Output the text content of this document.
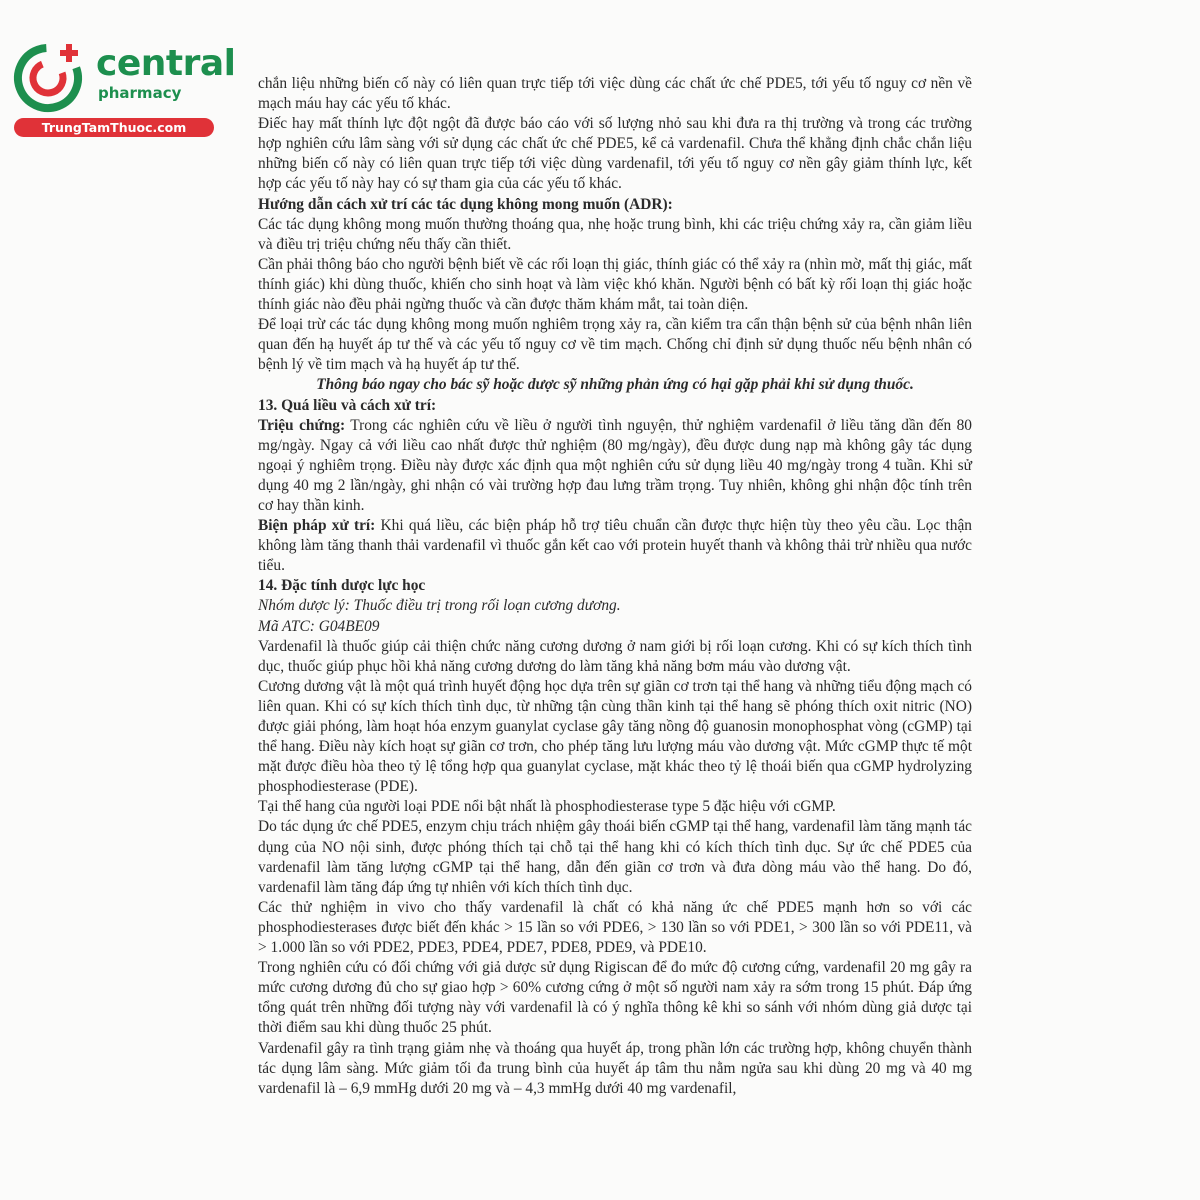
central
pharmacy
TrungTamThuoc.com

chắn liệu những biến cố này có liên quan trực tiếp tới việc dùng các chất ức chế PDE5, tới yếu tố nguy cơ nền về mạch máu hay các yếu tố khác.

Điếc hay mất thính lực đột ngột đã được báo cáo với số lượng nhỏ sau khi đưa ra thị trường và trong các trường hợp nghiên cứu lâm sàng với sử dụng các chất ức chế PDE5, kể cả vardenafil. Chưa thể khẳng định chắc chắn liệu những biến cố này có liên quan trực tiếp tới việc dùng vardenafil, tới yếu tố nguy cơ nền gây giảm thính lực, kết hợp các yếu tố này hay có sự tham gia của các yếu tố khác.

Hướng dẫn cách xử trí các tác dụng không mong muốn (ADR):

Các tác dụng không mong muốn thường thoáng qua, nhẹ hoặc trung bình, khi các triệu chứng xảy ra, cần giảm liều và điều trị triệu chứng nếu thấy cần thiết.

Cần phải thông báo cho người bệnh biết về các rối loạn thị giác, thính giác có thể xảy ra (nhìn mờ, mất thị giác, mất thính giác) khi dùng thuốc, khiến cho sinh hoạt và làm việc khó khăn. Người bệnh có bất kỳ rối loạn thị giác hoặc thính giác nào đều phải ngừng thuốc và cần được thăm khám mắt, tai toàn diện.

Để loại trừ các tác dụng không mong muốn nghiêm trọng xảy ra, cần kiểm tra cẩn thận bệnh sử của bệnh nhân liên quan đến hạ huyết áp tư thế và các yếu tố nguy cơ về tim mạch. Chống chỉ định sử dụng thuốc nếu bệnh nhân có bệnh lý về tim mạch và hạ huyết áp tư thế.

Thông báo ngay cho bác sỹ hoặc dược sỹ những phản ứng có hại gặp phải khi sử dụng thuốc.

13. Quá liều và cách xử trí:

Triệu chứng: Trong các nghiên cứu về liều ở người tình nguyện, thử nghiệm vardenafil ở liều tăng dần đến 80 mg/ngày. Ngay cả với liều cao nhất được thử nghiệm (80 mg/ngày), đều được dung nạp mà không gây tác dụng ngoại ý nghiêm trọng. Điều này được xác định qua một nghiên cứu sử dụng liều 40 mg/ngày trong 4 tuần. Khi sử dụng 40 mg 2 lần/ngày, ghi nhận có vài trường hợp đau lưng trầm trọng. Tuy nhiên, không ghi nhận độc tính trên cơ hay thần kinh.

Biện pháp xử trí: Khi quá liều, các biện pháp hỗ trợ tiêu chuẩn cần được thực hiện tùy theo yêu cầu. Lọc thận không làm tăng thanh thải vardenafil vì thuốc gắn kết cao với protein huyết thanh và không thải trừ nhiều qua nước tiểu.

14. Đặc tính dược lực học

Nhóm dược lý: Thuốc điều trị trong rối loạn cương dương.

Mã ATC: G04BE09

Vardenafil là thuốc giúp cải thiện chức năng cương dương ở nam giới bị rối loạn cương. Khi có sự kích thích tình dục, thuốc giúp phục hồi khả năng cương dương do làm tăng khả năng bơm máu vào dương vật.

Cương dương vật là một quá trình huyết động học dựa trên sự giãn cơ trơn tại thể hang và những tiểu động mạch có liên quan. Khi có sự kích thích tình dục, từ những tận cùng thần kinh tại thể hang sẽ phóng thích oxit nitric (NO) được giải phóng, làm hoạt hóa enzym guanylat cyclase gây tăng nồng độ guanosin monophosphat vòng (cGMP) tại thể hang. Điều này kích hoạt sự giãn cơ trơn, cho phép tăng lưu lượng máu vào dương vật. Mức cGMP thực tế một mặt được điều hòa theo tỷ lệ tổng hợp qua guanylat cyclase, mặt khác theo tỷ lệ thoái biến qua cGMP hydrolyzing phosphodiesterase (PDE).

Tại thể hang của người loại PDE nổi bật nhất là phosphodiesterase type 5 đặc hiệu với cGMP.

Do tác dụng ức chế PDE5, enzym chịu trách nhiệm gây thoái biến cGMP tại thể hang, vardenafil làm tăng mạnh tác dụng của NO nội sinh, được phóng thích tại chỗ tại thể hang khi có kích thích tình dục. Sự ức chế PDE5 của vardenafil làm tăng lượng cGMP tại thể hang, dẫn đến giãn cơ trơn và đưa dòng máu vào thể hang. Do đó, vardenafil làm tăng đáp ứng tự nhiên với kích thích tình dục.

Các thử nghiệm in vivo cho thấy vardenafil là chất có khả năng ức chế PDE5 mạnh hơn so với các phosphodiesterases được biết đến khác > 15 lần so với PDE6, > 130 lần so với PDE1, > 300 lần so với PDE11, và > 1.000 lần so với PDE2, PDE3, PDE4, PDE7, PDE8, PDE9, và PDE10.

Trong nghiên cứu có đối chứng với giả dược sử dụng Rigiscan để đo mức độ cương cứng, vardenafil 20 mg gây ra mức cương dương đủ cho sự giao hợp > 60% cương cứng ở một số người nam xảy ra sớm trong 15 phút. Đáp ứng tổng quát trên những đối tượng này với vardenafil là có ý nghĩa thông kê khi so sánh với nhóm dùng giả dược tại thời điểm sau khi dùng thuốc 25 phút.

Vardenafil gây ra tình trạng giảm nhẹ và thoáng qua huyết áp, trong phần lớn các trường hợp, không chuyển thành tác dụng lâm sàng. Mức giảm tối đa trung bình của huyết áp tâm thu nằm ngửa sau khi dùng 20 mg và 40 mg vardenafil là – 6,9 mmHg dưới 20 mg và – 4,3 mmHg dưới 40 mg vardenafil,
